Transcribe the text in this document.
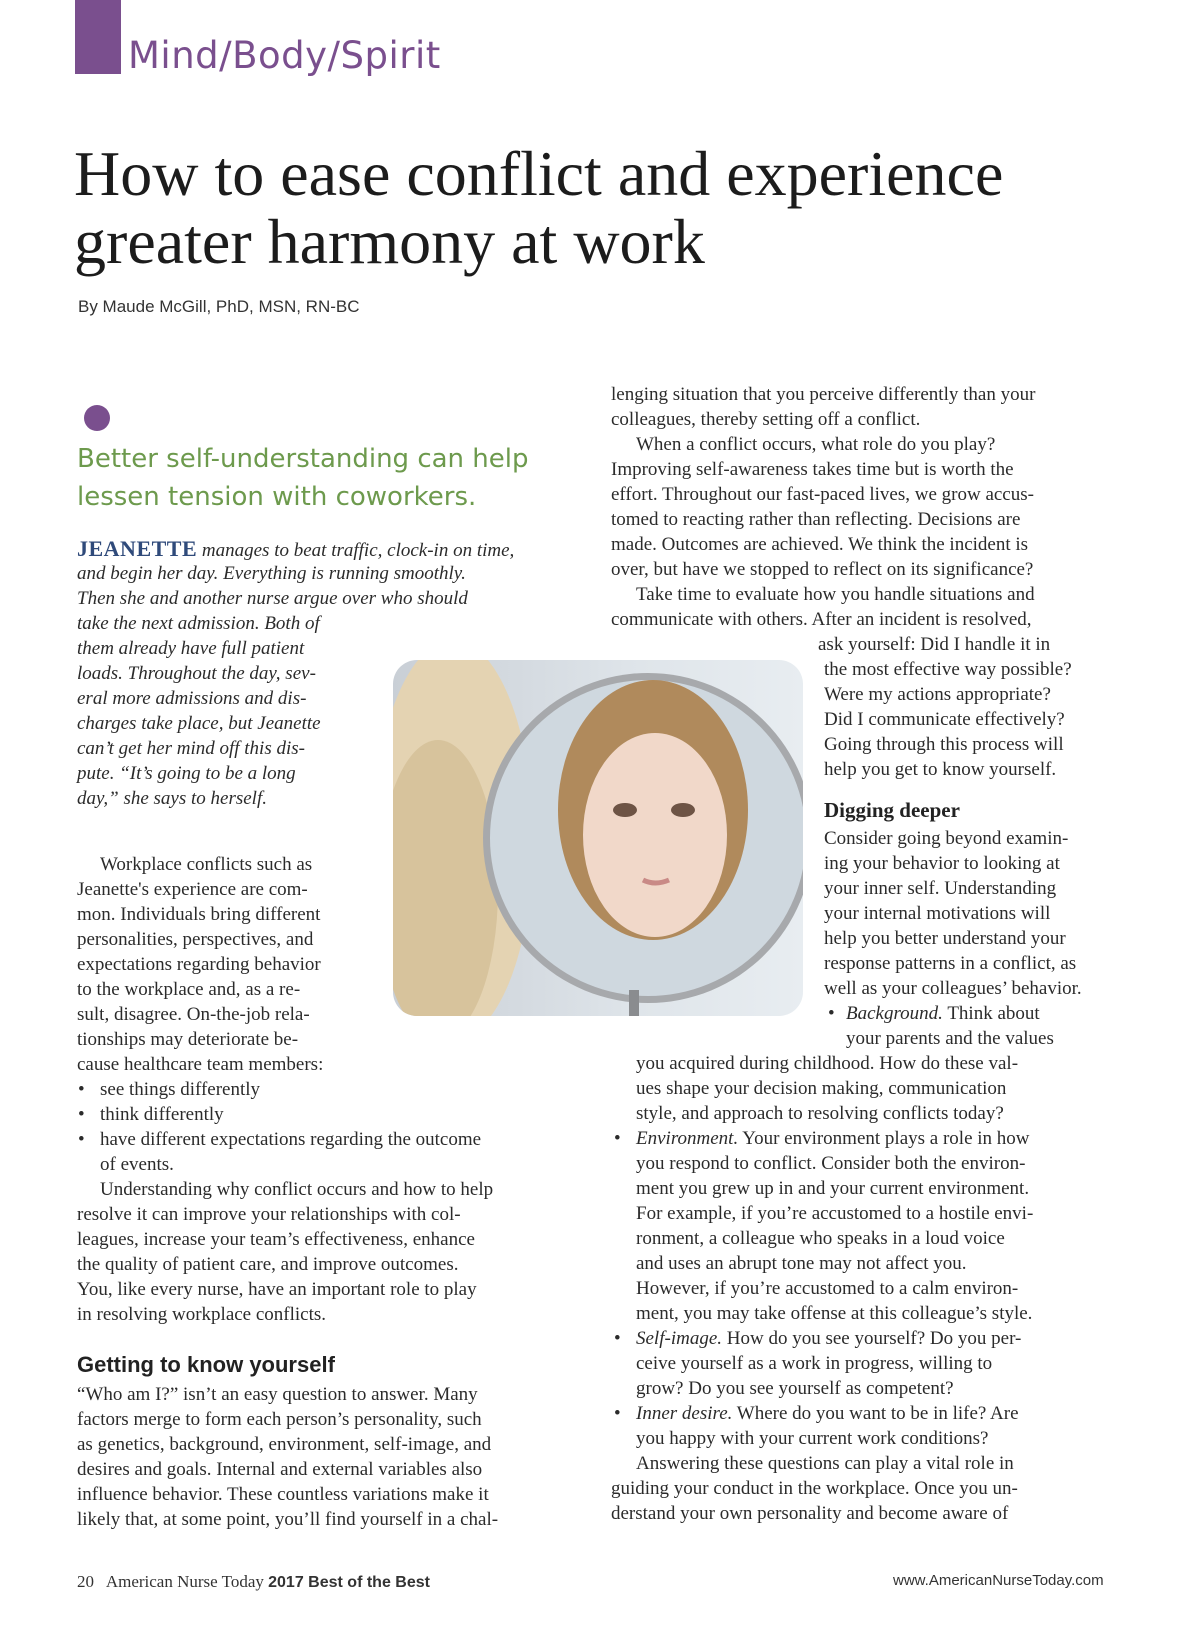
Mind/Body/Spirit
How to ease conflict and experience
greater harmony at work
By Maude McGill, PhD, MSN, RN-BC

Better self-understanding can help lessen tension with coworkers.

JEANETTE manages to beat traffic, clock-in on time,
and begin her day. Everything is running smoothly.
Then she and another nurse argue over who should
take the next admission. Both of
them already have full patient
loads. Throughout the day, sev-
eral more admissions and dis-
charges take place, but Jeanette
can’t get her mind off this dis-
pute. “It’s going to be a long
day,” she says to herself.
Workplace conflicts such as
Jeanette's experience are com-
mon. Individuals bring different
personalities, perspectives, and
expectations regarding behavior
to the workplace and, as a re-
sult, disagree. On-the-job rela-
tionships may deteriorate be-
cause healthcare team members:
• see things differently
• think differently
• have different expectations regarding the outcome
of events.
Understanding why conflict occurs and how to help
resolve it can improve your relationships with col-
leagues, increase your team’s effectiveness, enhance
the quality of patient care, and improve outcomes.
You, like every nurse, have an important role to play
in resolving workplace conflicts.
Getting to know yourself
“Who am I?” isn’t an easy question to answer. Many
factors merge to form each person’s personality, such
as genetics, background, environment, self-image, and
desires and goals. Internal and external variables also
influence behavior. These countless variations make it
likely that, at some point, you’ll find yourself in a chal-
lenging situation that you perceive differently than your
colleagues, thereby setting off a conflict.
When a conflict occurs, what role do you play?
Improving self-awareness takes time but is worth the
effort. Throughout our fast-paced lives, we grow accus-
tomed to reacting rather than reflecting. Decisions are
made. Outcomes are achieved. We think the incident is
over, but have we stopped to reflect on its significance?
Take time to evaluate how you handle situations and
communicate with others. After an incident is resolved,
ask yourself: Did I handle it in
the most effective way possible?
Were my actions appropriate?
Did I communicate effectively?
Going through this process will
help you get to know yourself.
Digging deeper
Consider going beyond examin-
ing your behavior to looking at
your inner self. Understanding
your internal motivations will
help you better understand your
response patterns in a conflict, as
well as your colleagues’ behavior.
• Background. Think about
your parents and the values
you acquired during childhood. How do these val-
ues shape your decision making, communication
style, and approach to resolving conflicts today?
• Environment. Your environment plays a role in how
you respond to conflict. Consider both the environ-
ment you grew up in and your current environment.
For example, if you’re accustomed to a hostile envi-
ronment, a colleague who speaks in a loud voice
and uses an abrupt tone may not affect you.
However, if you’re accustomed to a calm environ-
ment, you may take offense at this colleague’s style.
• Self-image. How do you see yourself? Do you per-
ceive yourself as a work in progress, willing to
grow? Do you see yourself as competent?
• Inner desire. Where do you want to be in life? Are
you happy with your current work conditions?
Answering these questions can play a vital role in
guiding your conduct in the workplace. Once you un-
derstand your own personality and become aware of
20 American Nurse Today 2017 Best of the Best	www.AmericanNurseToday.com
